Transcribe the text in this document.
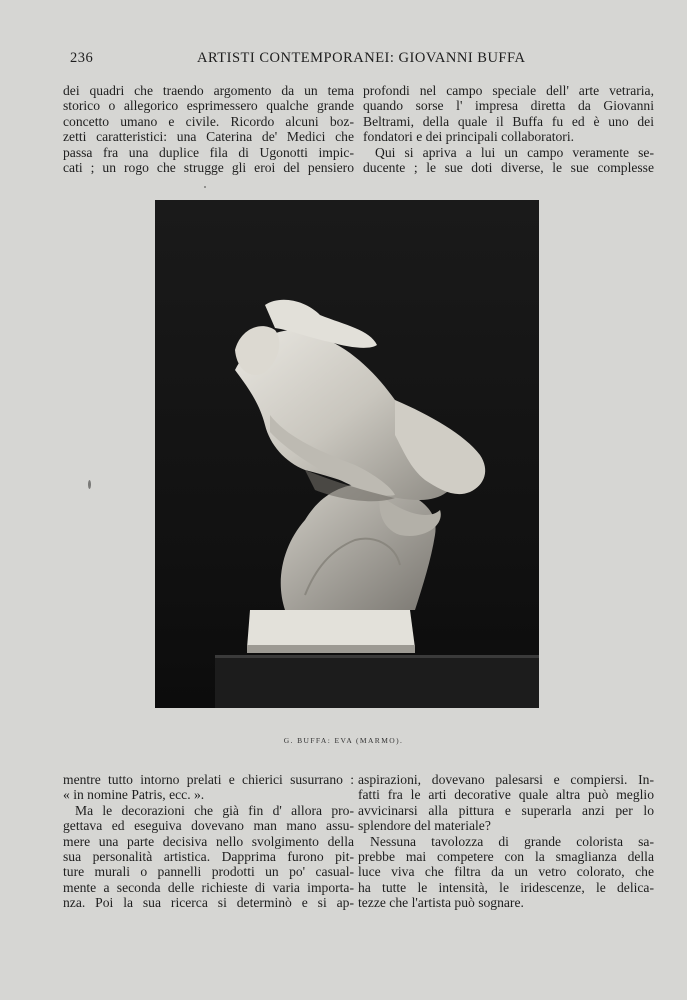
236	ARTISTI CONTEMPORANEI: GIOVANNI BUFFA
dei quadri che traendo argomento da un tema
storico o allegorico esprimessero qualche grande
concetto umano e civile. Ricordo alcuni boz-
zetti caratteristici: una Caterina de' Medici che
passa fra una duplice fila di Ugonotti impic-
cati ; un rogo che strugge gli eroi del pensiero
profondi nel campo speciale dell' arte vetraria,
quando sorse l' impresa diretta da Giovanni
Beltrami, della quale il Buffa fu ed è uno dei
fondatori e dei principali collaboratori.
Qui si apriva a lui un campo veramente se-
ducente ; le sue doti diverse, le sue complesse
G. BUFFA: EVA (MARMO).
mentre tutto intorno prelati e chierici susurrano :
« in nomine Patris, ecc. ».
Ma le decorazioni che già fin d' allora pro-
gettava ed eseguiva dovevano man mano assu-
mere una parte decisiva nello svolgimento della
sua personalità artistica. Dapprima furono pit-
ture murali o pannelli prodotti un po' casual-
mente a seconda delle richieste di varia importa-
nza. Poi la sua ricerca si determinò e si ap-
aspirazioni, dovevano palesarsi e compiersi. In-
fatti fra le arti decorative quale altra può meglio
avvicinarsi alla pittura e superarla anzi per lo
splendore del materiale?
Nessuna tavolozza di grande colorista sa-
prebbe mai competere con la smaglianza della
luce viva che filtra da un vetro colorato, che
ha tutte le intensità, le iridescenze, le delica-
tezze che l'artista può sognare.
